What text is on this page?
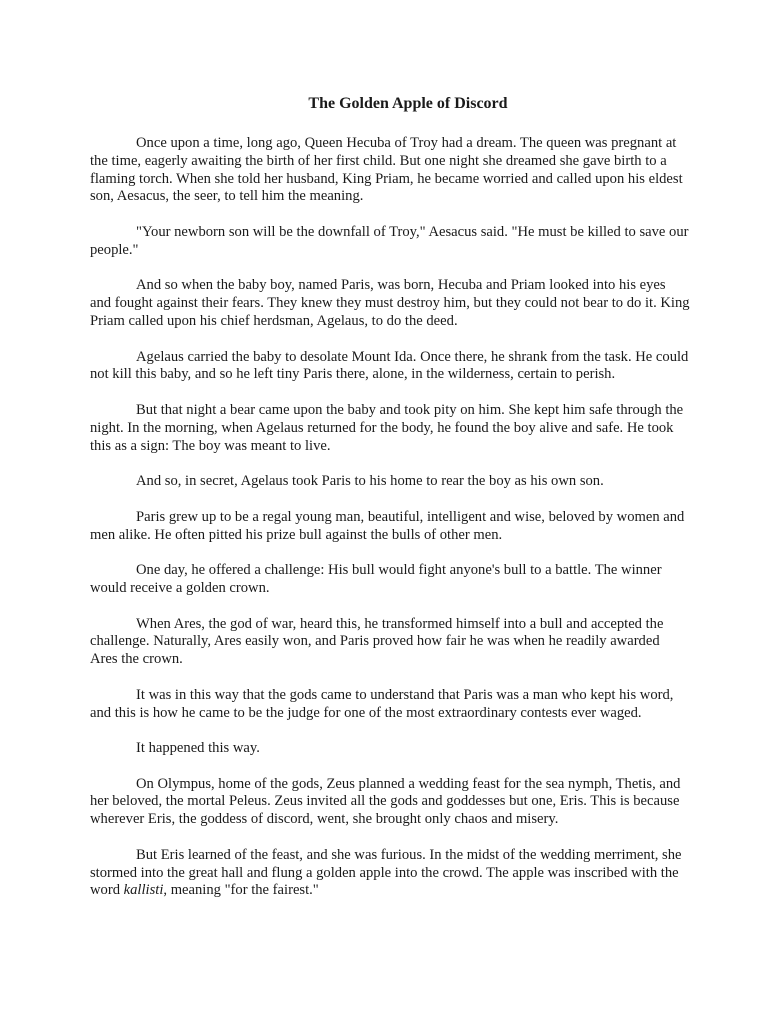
The Golden Apple of Discord

Once upon a time, long ago, Queen Hecuba of Troy had a dream. The queen was pregnant at the time, eagerly awaiting the birth of her first child. But one night she dreamed she gave birth to a flaming torch. When she told her husband, King Priam, he became worried and called upon his eldest son, Aesacus, the seer, to tell him the meaning.

"Your newborn son will be the downfall of Troy," Aesacus said. "He must be killed to save our people."

And so when the baby boy, named Paris, was born, Hecuba and Priam looked into his eyes and fought against their fears. They knew they must destroy him, but they could not bear to do it. King Priam called upon his chief herdsman, Agelaus, to do the deed.

Agelaus carried the baby to desolate Mount Ida. Once there, he shrank from the task. He could not kill this baby, and so he left tiny Paris there, alone, in the wilderness, certain to perish.

But that night a bear came upon the baby and took pity on him. She kept him safe through the night. In the morning, when Agelaus returned for the body, he found the boy alive and safe. He took this as a sign: The boy was meant to live.

And so, in secret, Agelaus took Paris to his home to rear the boy as his own son.

Paris grew up to be a regal young man, beautiful, intelligent and wise, beloved by women and men alike. He often pitted his prize bull against the bulls of other men.

One day, he offered a challenge: His bull would fight anyone's bull to a battle. The winner would receive a golden crown.

When Ares, the god of war, heard this, he transformed himself into a bull and accepted the challenge. Naturally, Ares easily won, and Paris proved how fair he was when he readily awarded Ares the crown.

It was in this way that the gods came to understand that Paris was a man who kept his word, and this is how he came to be the judge for one of the most extraordinary contests ever waged.

It happened this way.

On Olympus, home of the gods, Zeus planned a wedding feast for the sea nymph, Thetis, and her beloved, the mortal Peleus. Zeus invited all the gods and goddesses but one, Eris. This is because wherever Eris, the goddess of discord, went, she brought only chaos and misery.

But Eris learned of the feast, and she was furious. In the midst of the wedding merriment, she stormed into the great hall and flung a golden apple into the crowd. The apple was inscribed with the word kallisti, meaning "for the fairest."
